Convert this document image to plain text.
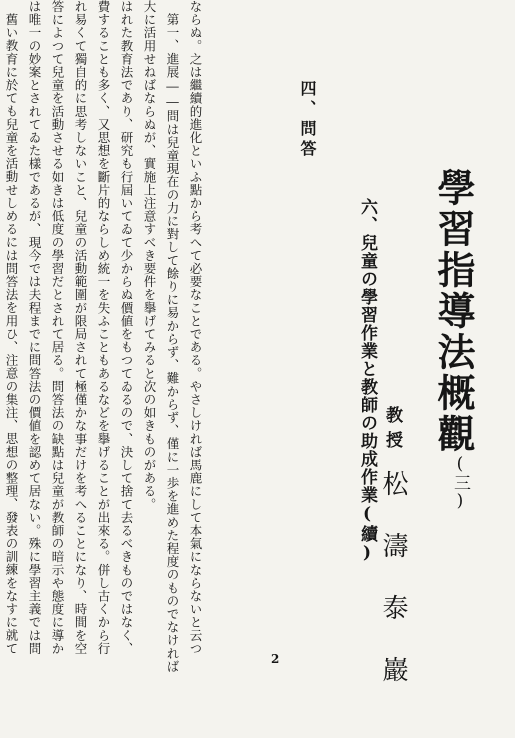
學習指導法概觀
(三)
教授
松濤泰巖
六、兒童の學習作業と教師の助成作業(續)
四、問答
舊い教育に於ても兒童を活動せしめるには問答法を用ひ、注意の集注、思想の整理、發表の訓練をなすに就て は唯一の妙案とされてゐた樣であるが、現今では夫程までに問答法の價値を認めて居ない。殊に學習主義では問 答によつて兒童を活動させる如きは低度の學習だとされて居る。問答法の缺點は兒童が教師の暗示や態度に導か れ易くて獨自的に思考しないこと、兒童の活動範圍が限局されて極僅かな事だけを考へることになり、時間を空 費することも多く、又思想を斷片的ならしめ統一を失ふこともあるなどを擧げることが出來る。併し古くから行 はれた教育法であり、研究も行屆いてゐて少からぬ價値をもつてゐるので、決して捨て去るべきものではなく、 大に活用せねばならぬが、實施上注意すべき要件を擧げてみると次の如きものがある。 第一、進展――問は兒童現在の力に對して餘りに易からず、難からず、僅に一歩を進めた程度のものでなければ ならぬ。之は繼續的進化といふ點から考へて必要なことである。やさしければ馬鹿にして本氣にならないと云つ
2
